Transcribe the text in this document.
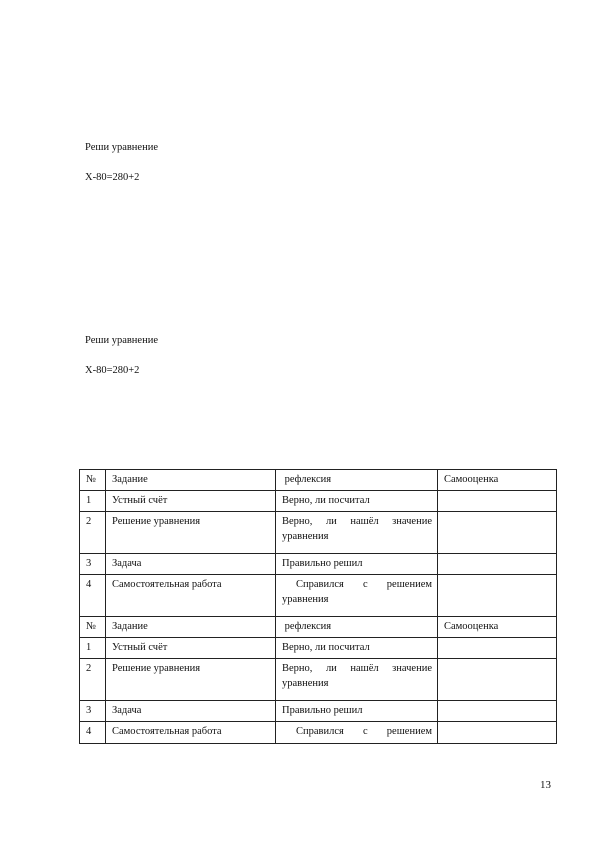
Реши уравнение
Х-80=280+2
Реши уравнение
Х-80=280+2
№	Задание	рефлексия	Самооценка
1	Устный счёт	Верно, ли посчитал	
2	Решение уравнения	Верно, ли нашёл значение уравнения	
3	Задача	Правильно решил	
4	Самостоятельная работа	Справился с решением уравнения	
№	Задание	рефлексия	Самооценка
1	Устный счёт	Верно, ли посчитал	
2	Решение уравнения	Верно, ли нашёл значение уравнения	
3	Задача	Правильно решил	
4	Самостоятельная работа	Справился с решением	
13
